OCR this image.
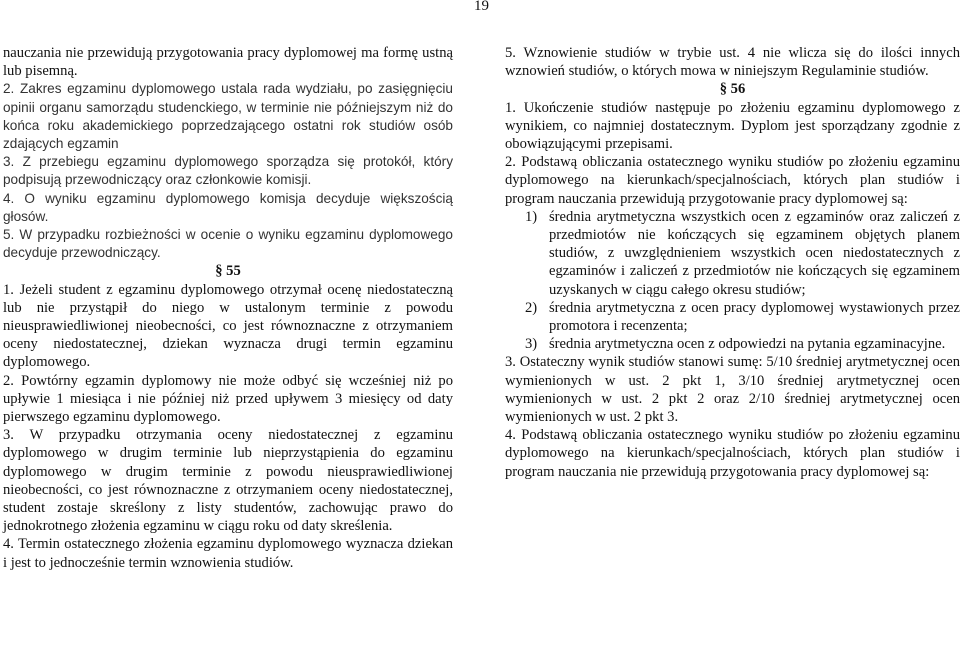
19

nauczania nie przewidują przygotowania pracy dyplomowej ma formę ustną lub pisemną.

2. Zakres egzaminu dyplomowego ustala rada wydziału, po zasięgnięciu opinii organu samorządu studenckiego, w terminie nie późniejszym niż do końca roku akademickiego poprzedzającego ostatni rok studiów osób zdających egzamin

3. Z przebiegu egzaminu dyplomowego sporządza się protokół, który podpisują przewodniczący oraz członkowie komisji.

4. O wyniku egzaminu dyplomowego komisja decyduje większością głosów.

5. W przypadku rozbieżności w ocenie o wyniku egzaminu dyplomowego decyduje przewodniczący.

§ 55

1. Jeżeli student z egzaminu dyplomowego otrzymał ocenę niedostateczną lub nie przystąpił do niego w ustalonym terminie z powodu nieusprawiedliwionej nieobecności, co jest równoznaczne z otrzymaniem oceny niedostatecznej, dziekan wyznacza drugi termin egzaminu dyplomowego.

2. Powtórny egzamin dyplomowy nie może odbyć się wcześniej niż po upływie 1 miesiąca i nie później niż przed upływem 3 miesięcy od daty pierwszego egzaminu dyplomowego.

3. W przypadku otrzymania oceny niedostatecznej z egzaminu dyplomowego w drugim terminie lub nieprzystąpienia do egzaminu dyplomowego w drugim terminie z powodu nieusprawiedliwionej nieobecności, co jest równoznaczne z otrzymaniem oceny niedostatecznej, student zostaje skreślony z listy studentów, zachowując prawo do jednokrotnego złożenia egzaminu w ciągu roku od daty skreślenia.

4. Termin ostatecznego złożenia egzaminu dyplomowego wyznacza dziekan i jest to jednocześnie termin wznowienia studiów.

5. Wznowienie studiów w trybie ust. 4 nie wlicza się do ilości innych wznowień studiów, o których mowa w niniejszym Regulaminie studiów.

§ 56

1. Ukończenie studiów następuje po złożeniu egzaminu dyplomowego z wynikiem, co najmniej dostatecznym. Dyplom jest sporządzany zgodnie z obowiązującymi przepisami.

2. Podstawą obliczania ostatecznego wyniku studiów po złożeniu egzaminu dyplomowego na kierunkach/specjalnościach, których plan studiów i program nauczania przewidują przygotowanie pracy dyplomowej są:

1) średnia arytmetyczna wszystkich ocen z egzaminów oraz zaliczeń z przedmiotów nie kończących się egzaminem objętych planem studiów, z uwzględnieniem wszystkich ocen niedostatecznych z egzaminów i zaliczeń z przedmiotów nie kończących się egzaminem uzyskanych w ciągu całego okresu studiów;
2) średnia arytmetyczna z ocen pracy dyplomowej wystawionych przez promotora i recenzenta;
3) średnia arytmetyczna ocen z odpowiedzi na pytania egzaminacyjne.

3. Ostateczny wynik studiów stanowi sumę: 5/10 średniej arytmetycznej ocen wymienionych w ust. 2 pkt 1, 3/10 średniej arytmetycznej ocen wymienionych w ust. 2 pkt 2 oraz 2/10 średniej arytmetycznej ocen wymienionych w ust. 2 pkt 3.

4. Podstawą obliczania ostatecznego wyniku studiów po złożeniu egzaminu dyplomowego na kierunkach/specjalnościach, których plan studiów i program nauczania nie przewidują przygotowania pracy dyplomowej są:
